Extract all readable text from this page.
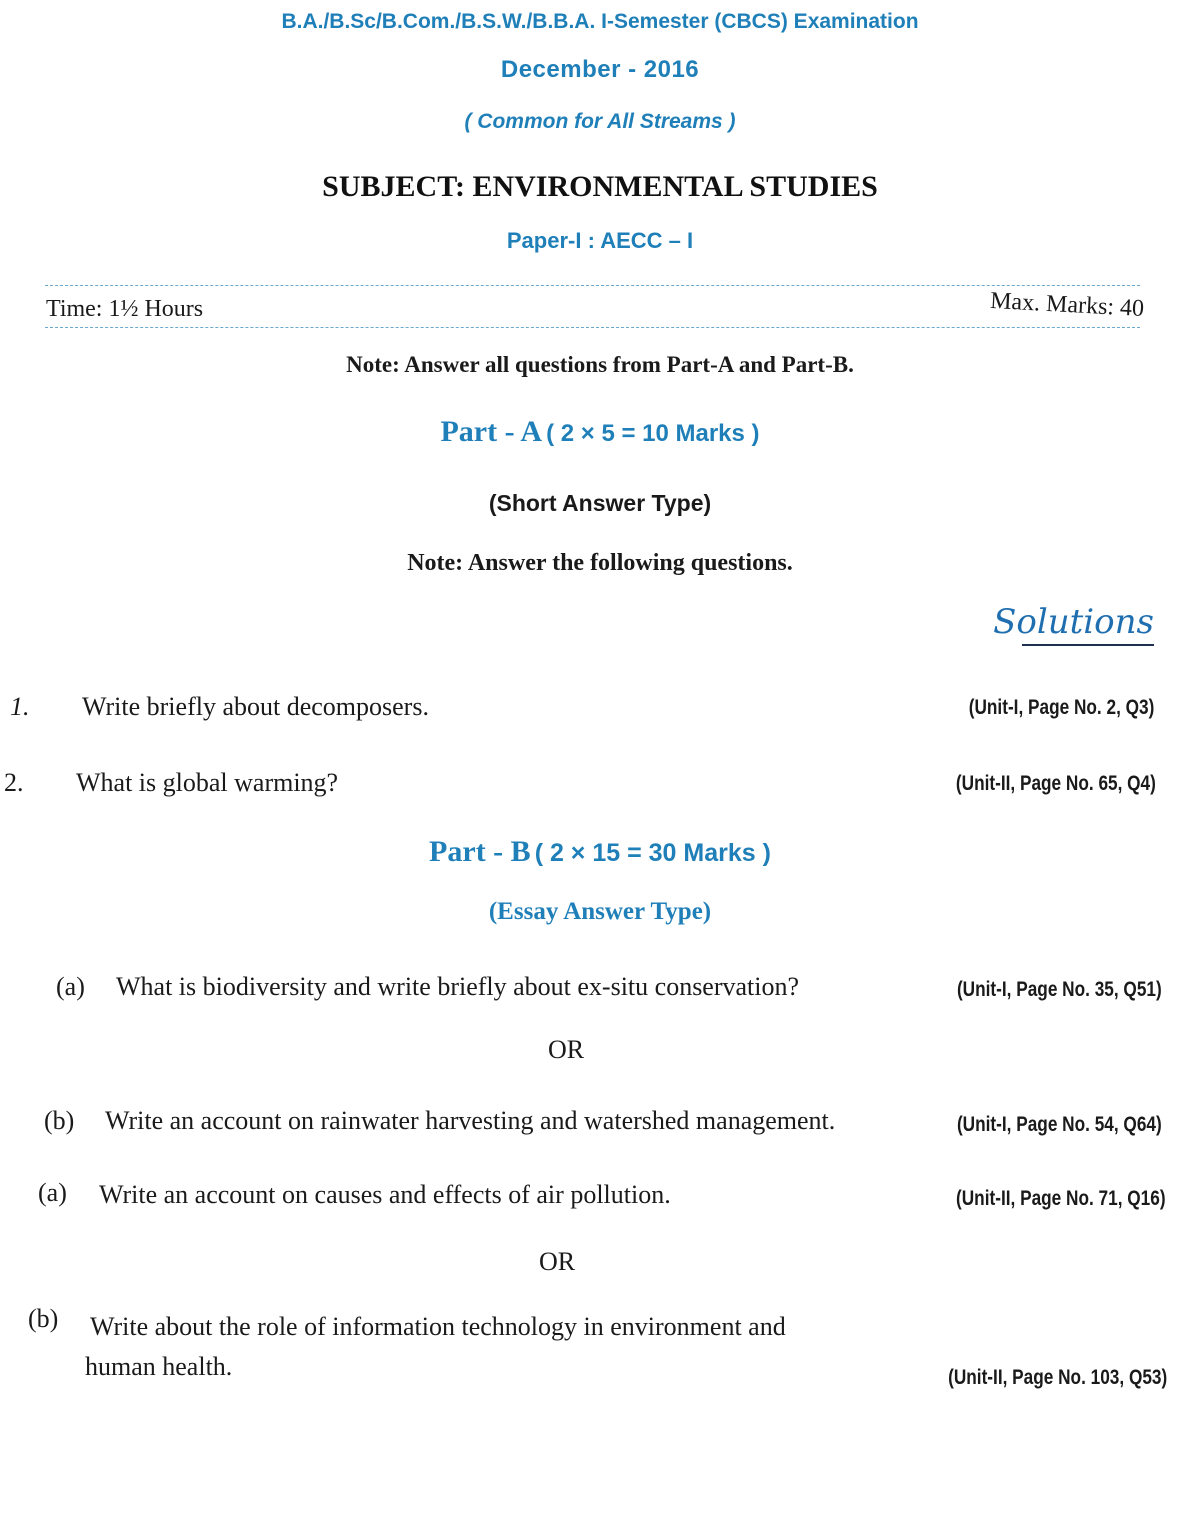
B.A./B.Sc/B.Com./B.S.W./B.B.A. I-Semester (CBCS) Examination
December - 2016
( Common for All Streams )
SUBJECT: ENVIRONMENTAL STUDIES
Paper-I : AECC – I
Time: 1½ Hours	Max. Marks: 40
Note: Answer all questions from Part-A and Part-B.
Part - A ( 2 × 5 = 10 Marks )
(Short Answer Type)
Note: Answer the following questions.
Solutions
1. Write briefly about decomposers.	(Unit-I, Page No. 2, Q3)
2. What is global warming?	(Unit-II, Page No. 65, Q4)
Part - B ( 2 × 15 = 30 Marks )
(Essay Answer Type)
(a) What is biodiversity and write briefly about ex-situ conservation?	(Unit-I, Page No. 35, Q51)
OR
(b) Write an account on rainwater harvesting and watershed management.	(Unit-I, Page No. 54, Q64)
(a) Write an account on causes and effects of air pollution.	(Unit-II, Page No. 71, Q16)
OR
(b) Write about the role of information technology in environment and
human health.	(Unit-II, Page No. 103, Q53)
